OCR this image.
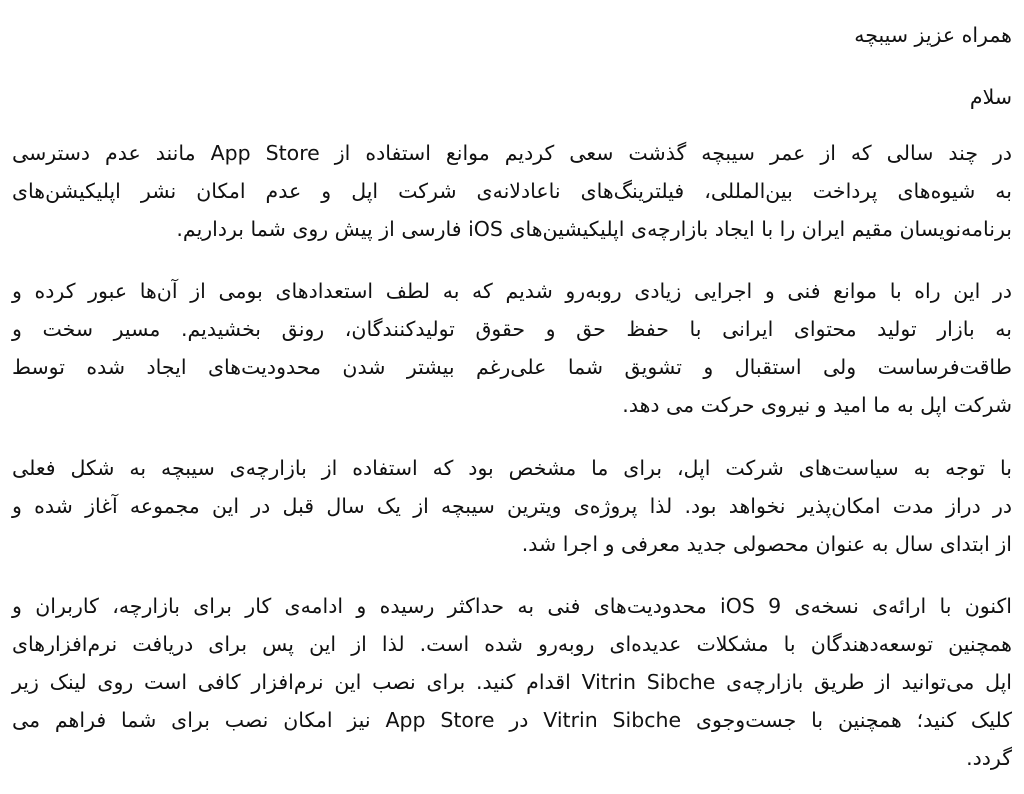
همراه عزیز سیبچه
سلام
در چند سالی که از عمر سیبچه گذشت سعی کردیم موانع استفاده از App Store مانند عدم دسترسی
به شیوه‌های پرداخت بین‌المللی، فیلترینگ‌های ناعادلانه‌ی شرکت اپل و عدم امکان نشر اپلیکیشن‌های
برنامه‌نویسان مقیم ایران را با ایجاد بازارچه‌ی اپلیکیشین‌های iOS فارسی از پیش روی شما برداریم.
در این راه با موانع فنی و اجرایی زیادی روبه‌رو شدیم که به لطف استعدادهای بومی از آن‌ها عبور کرده و
به بازار تولید محتوای ایرانی با حفظ حق و حقوق تولیدکنندگان، رونق بخشیدیم. مسیر سخت و
طاقت‌فرساست ولی استقبال و تشویق شما علی‌رغم بیشتر شدن محدودیت‌های ایجاد شده توسط
شرکت اپل به ما امید و نیروی حرکت می دهد.
با توجه به سیاست‌های شرکت اپل، برای ما مشخص بود که استفاده از بازارچه‌ی سیبچه به شکل فعلی
در دراز مدت امکان‌پذیر نخواهد بود. لذا پروژه‌ی ویترین سیبچه از یک سال قبل در این مجموعه آغاز شده و
از ابتدای سال به عنوان محصولی جدید معرفی و اجرا شد.
اکنون با ارائه‌ی نسخه‌ی iOS 9 محدودیت‌های فنی به حداکثر رسیده و ادامه‌ی کار برای بازارچه، کاربران و
همچنین توسعه‌دهندگان با مشکلات عدیده‌ای روبه‌رو شده است. لذا از این پس برای دریافت نرم‌افزارهای
اپل می‌توانید از طریق بازارچه‌ی Vitrin Sibche اقدام کنید. برای نصب این نرم‌افزار کافی است روی لینک زیر
کلیک کنید؛ همچنین با جست‌وجوی Vitrin Sibche در App Store نیز امکان نصب برای شما فراهم می
گردد.
